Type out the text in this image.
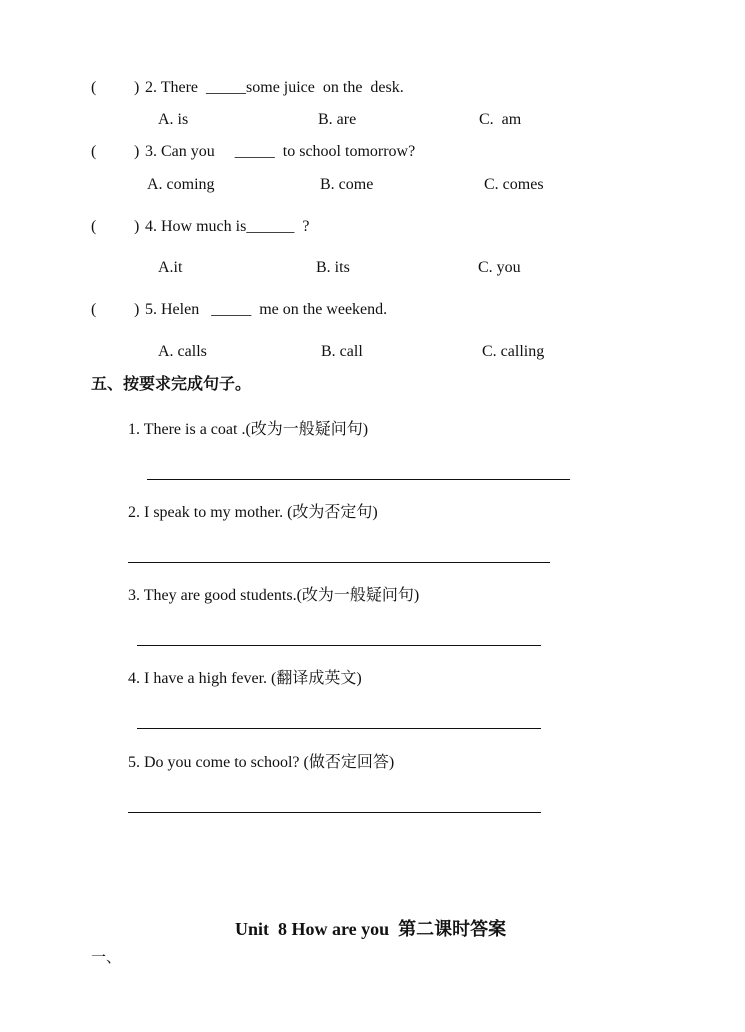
( ) 2. There  _____some juice  on the  desk.
A. is	B. are	C.  am
( ) 3. Can you     _____  to school tomorrow?
A. coming	B. come	C. comes
( ) 4. How much is______  ?
A.it	B. its	C. you
( ) 5. Helen   _____  me on the weekend.
A. calls	B. call	C. calling
五、按要求完成句子。
1. There is a coat .(改为一般疑问句)
2. I speak to my mother. (改为否定句)
3. They are good students.(改为一般疑问句)
4. I have a high fever. (翻译成英文)
5. Do you come to school? (做否定回答)
Unit  8 How are you  第二课时答案
一、
